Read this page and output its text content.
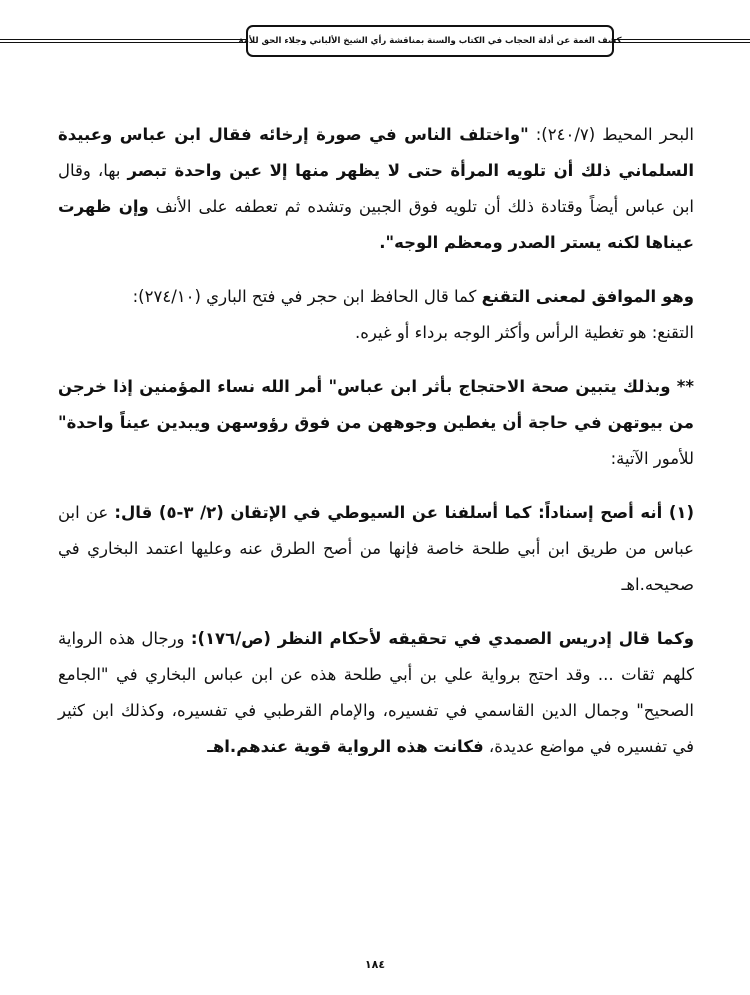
كشف الغمة عن أدلة الحجاب في الكتاب والسنة بمناقشة رأي الشيخ الألباني وجلاء الحق للأمة

البحر المحيط (٢٤٠/٧): "واختلف الناس في صورة إرخائه فقال ابن عباس وعبيدة السلماني ذلك أن تلويه المرأة حتى لا يظهر منها إلا عين واحدة تبصر بها، وقال ابن عباس أيضاً وقتادة ذلك أن تلويه فوق الجبين وتشده ثم تعطفه على الأنف وإن ظهرت عيناها لكنه يستر الصدر ومعظم الوجه".

وهو الموافق لمعنى التقنع كما قال الحافظ ابن حجر في فتح الباري (٢٧٤/١٠):

التقنع: هو تغطية الرأس وأكثر الوجه برداء أو غيره.

** وبذلك يتبين صحة الاحتجاج بأثر ابن عباس" أمر الله نساء المؤمنين إذا خرجن من بيوتهن في حاجة أن يغطين وجوههن من فوق رؤوسهن ويبدين عيناً واحدة" للأمور الآتية:

(١) أنه أصح إسناداً: كما أسلفنا عن السيوطي في الإتقان (٢/ ٣-٥) قال: عن ابن عباس من طريق ابن أبي طلحة خاصة فإنها من أصح الطرق عنه وعليها اعتمد البخاري في صحيحه.اهـ

وكما قال إدريس الصمدي في تحقيقه لأحكام النظر (ص/١٧٦): ورجال هذه الرواية كلهم ثقات ... وقد احتج برواية علي بن أبي طلحة هذه عن ابن عباس البخاري في "الجامع الصحيح" وجمال الدين القاسمي في تفسيره، والإمام القرطبي في تفسيره، وكذلك ابن كثير في تفسيره في مواضع عديدة، فكانت هذه الرواية قوية عندهم.اهـ

١٨٤
